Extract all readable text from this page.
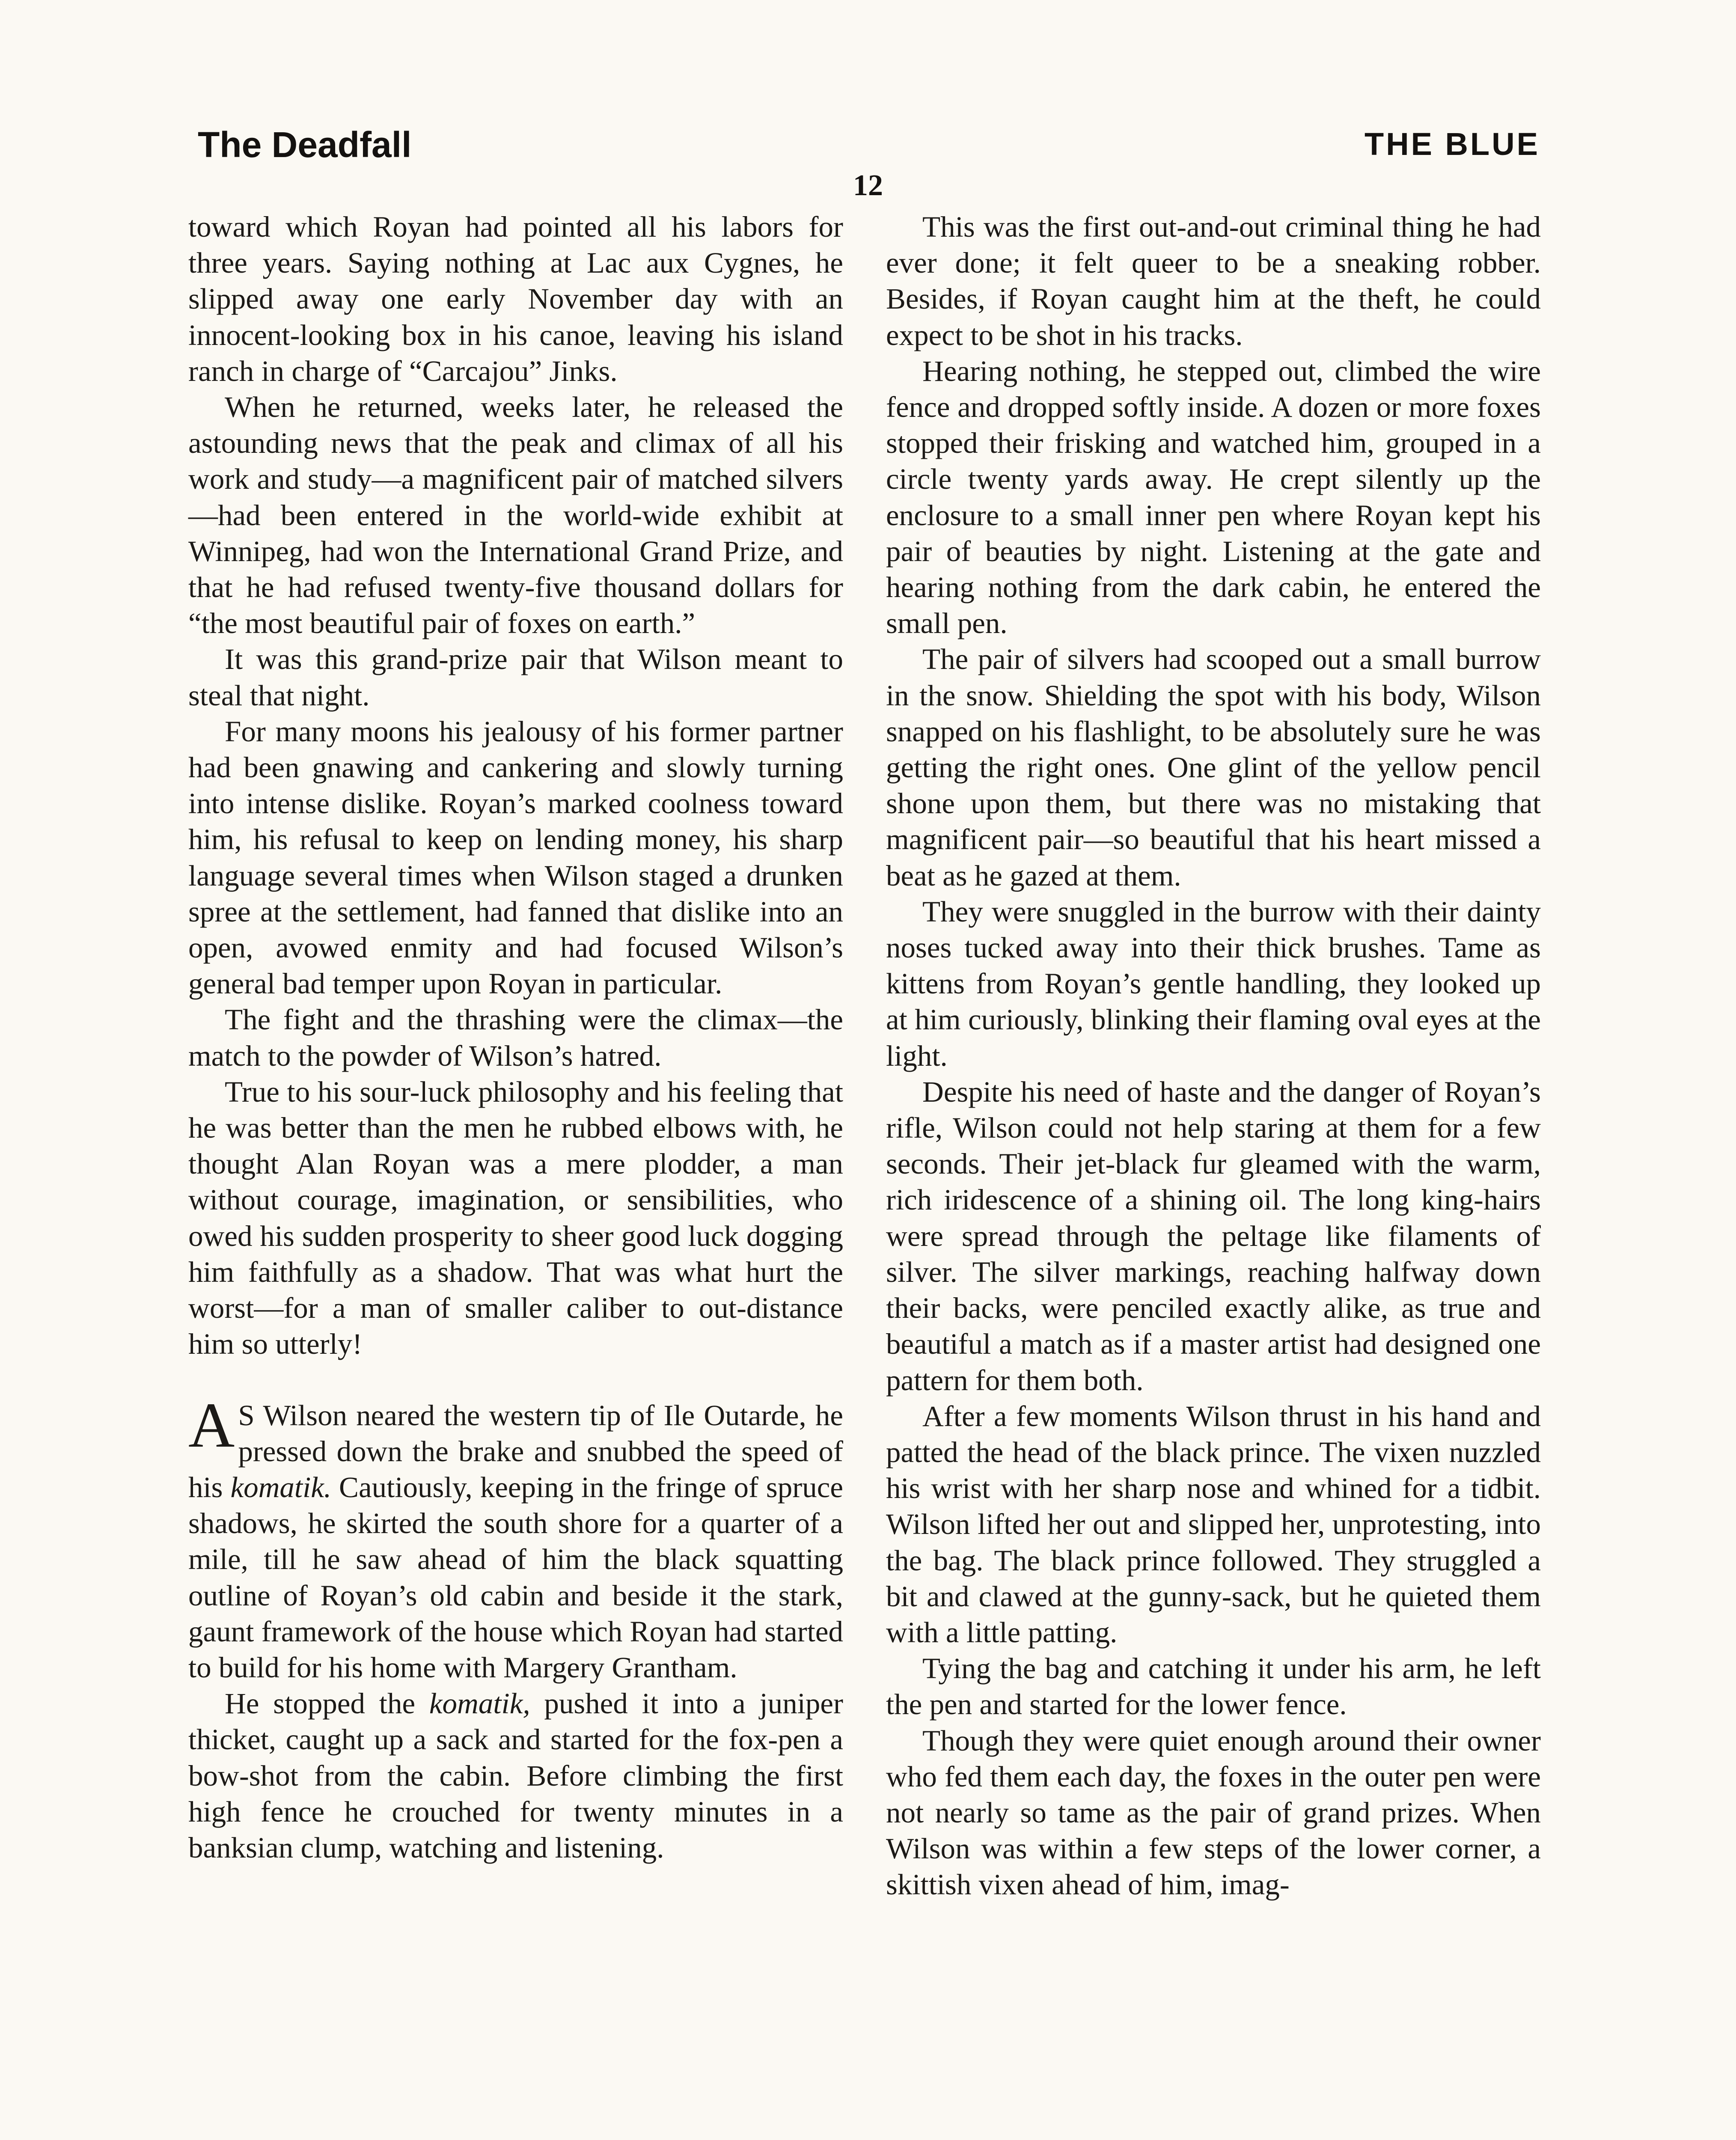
The Deadfall	THE BLUE
12

toward which Royan had pointed all his labors for three years. Saying nothing at Lac aux Cygnes, he slipped away one early November day with an innocent-looking box in his canoe, leaving his island ranch in charge of “Carcajou” Jinks.

When he returned, weeks later, he released the astounding news that the peak and climax of all his work and study—a magnificent pair of matched silvers—had been entered in the world-wide exhibit at Winnipeg, had won the International Grand Prize, and that he had refused twenty-five thousand dollars for “the most beautiful pair of foxes on earth.”

It was this grand-prize pair that Wilson meant to steal that night.

For many moons his jealousy of his former partner had been gnawing and cankering and slowly turning into intense dislike. Royan’s marked coolness toward him, his refusal to keep on lending money, his sharp language several times when Wilson staged a drunken spree at the settlement, had fanned that dislike into an open, avowed enmity and had focused Wilson’s general bad temper upon Royan in particular.

The fight and the thrashing were the climax—the match to the powder of Wilson’s hatred.

True to his sour-luck philosophy and his feeling that he was better than the men he rubbed elbows with, he thought Alan Royan was a mere plodder, a man without courage, imagination, or sensibilities, who owed his sudden prosperity to sheer good luck dogging him faithfully as a shadow. That was what hurt the worst—for a man of smaller caliber to out-distance him so utterly!

A S Wilson neared the western tip of Ile Outarde, he pressed down the brake and snubbed the speed of his komatik. Cautiously, keeping in the fringe of spruce shadows, he skirted the south shore for a quarter of a mile, till he saw ahead of him the black squatting outline of Royan’s old cabin and beside it the stark, gaunt framework of the house which Royan had started to build for his home with Margery Grantham.

He stopped the komatik, pushed it into a juniper thicket, caught up a sack and started for the fox-pen a bow-shot from the cabin. Before climbing the first high fence he crouched for twenty minutes in a banksian clump, watching and listening.

This was the first out-and-out criminal thing he had ever done; it felt queer to be a sneaking robber. Besides, if Royan caught him at the theft, he could expect to be shot in his tracks.

Hearing nothing, he stepped out, climbed the wire fence and dropped softly inside. A dozen or more foxes stopped their frisking and watched him, grouped in a circle twenty yards away. He crept silently up the enclosure to a small inner pen where Royan kept his pair of beauties by night. Listening at the gate and hearing nothing from the dark cabin, he entered the small pen.

The pair of silvers had scooped out a small burrow in the snow. Shielding the spot with his body, Wilson snapped on his flashlight, to be absolutely sure he was getting the right ones. One glint of the yellow pencil shone upon them, but there was no mistaking that magnificent pair—so beautiful that his heart missed a beat as he gazed at them.

They were snuggled in the burrow with their dainty noses tucked away into their thick brushes. Tame as kittens from Royan’s gentle handling, they looked up at him curiously, blinking their flaming oval eyes at the light.

Despite his need of haste and the danger of Royan’s rifle, Wilson could not help staring at them for a few seconds. Their jet-black fur gleamed with the warm, rich iridescence of a shining oil. The long king-hairs were spread through the peltage like filaments of silver. The silver markings, reaching halfway down their backs, were penciled exactly alike, as true and beautiful a match as if a master artist had designed one pattern for them both.

After a few moments Wilson thrust in his hand and patted the head of the black prince. The vixen nuzzled his wrist with her sharp nose and whined for a tidbit. Wilson lifted her out and slipped her, unprotesting, into the bag. The black prince followed. They struggled a bit and clawed at the gunny-sack, but he quieted them with a little patting.

Tying the bag and catching it under his arm, he left the pen and started for the lower fence.

Though they were quiet enough around their owner who fed them each day, the foxes in the outer pen were not nearly so tame as the pair of grand prizes. When Wilson was within a few steps of the lower corner, a skittish vixen ahead of him, imag-
